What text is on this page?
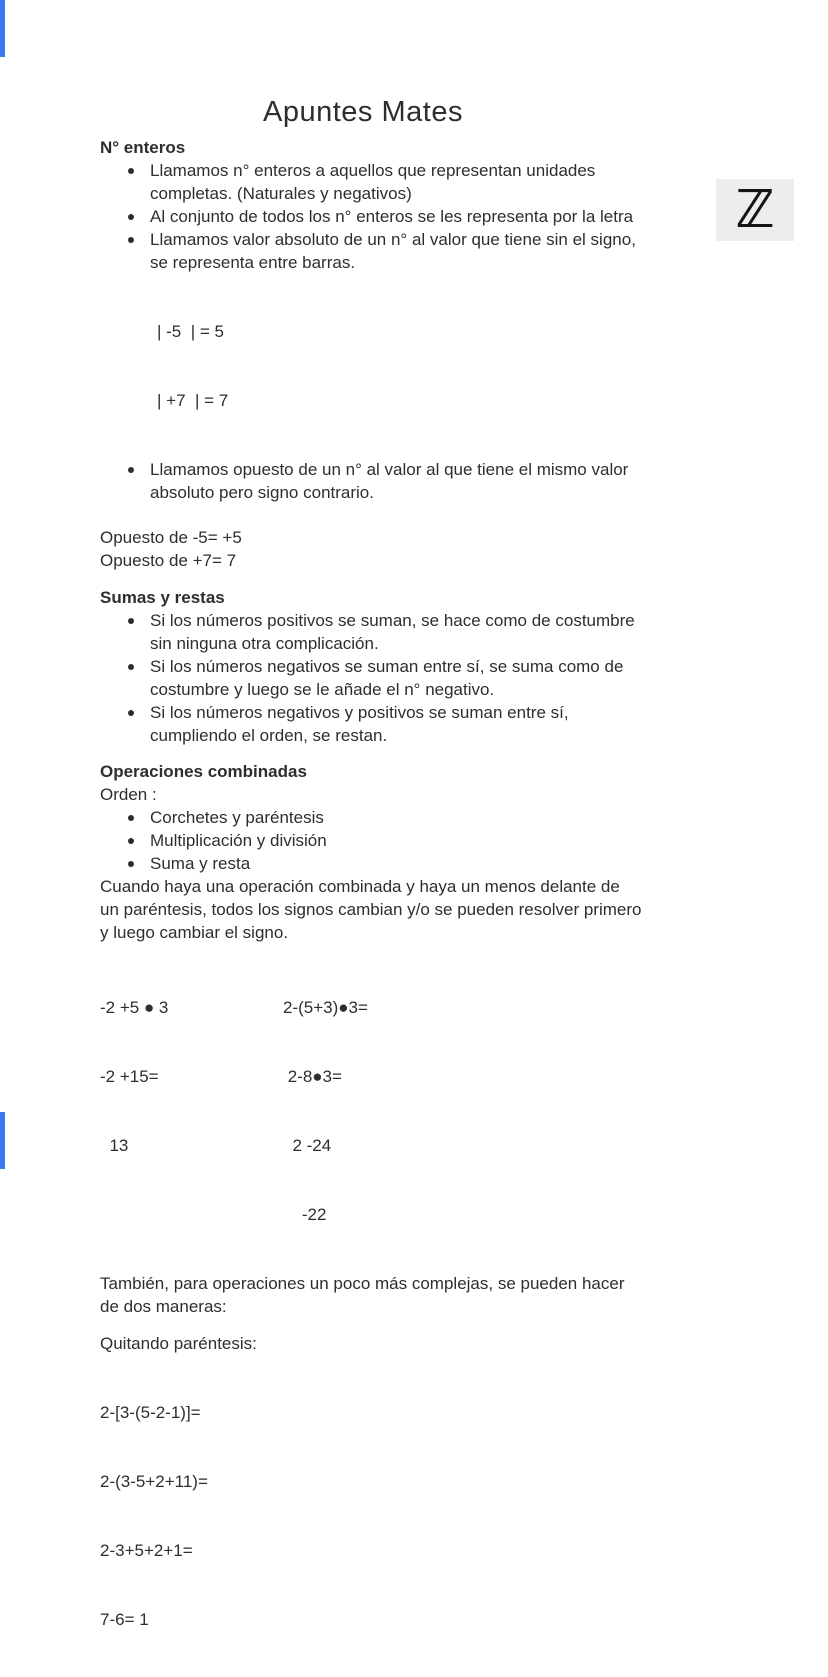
ℤ
Apuntes Mates
N° enteros
Llamamos n° enteros a aquellos que representan unidades
completas. (Naturales y negativos)
Al conjunto de todos los n° enteros se les representa por la letra
Llamamos valor absoluto de un n° al valor que tiene sin el signo,
se representa entre barras.

| -5  | = 5

| +7  | = 7

Llamamos opuesto de un n° al valor al que tiene el mismo valor
absoluto pero signo contrario.
Opuesto de -5= +5
Opuesto de +7= 7
Sumas y restas
Si los números positivos se suman, se hace como de costumbre
sin ninguna otra complicación.
Si los números negativos se suman entre sí, se suma como de
costumbre y luego se le añade el n° negativo.
Si los números negativos y positivos se suman entre sí,
cumpliendo el orden, se restan.
Operaciones combinadas
Orden :
Corchetes y paréntesis
Multiplicación y división
Suma y resta
Cuando haya una operación combinada y haya un menos delante de
un paréntesis, todos los signos cambian y/o se pueden resolver primero
y luego cambiar el signo.

-2 +5 ● 3

-2 +15=

13

2-(5+3)●3=

2-8●3=

2 -24

-22

También, para operaciones un poco más complejas, se pueden hacer
de dos maneras:
Quitando paréntesis:

2-[3-(5-2-1)]=

2-(3-5+2+11)=

2-3+5+2+1=

7-6= 1
